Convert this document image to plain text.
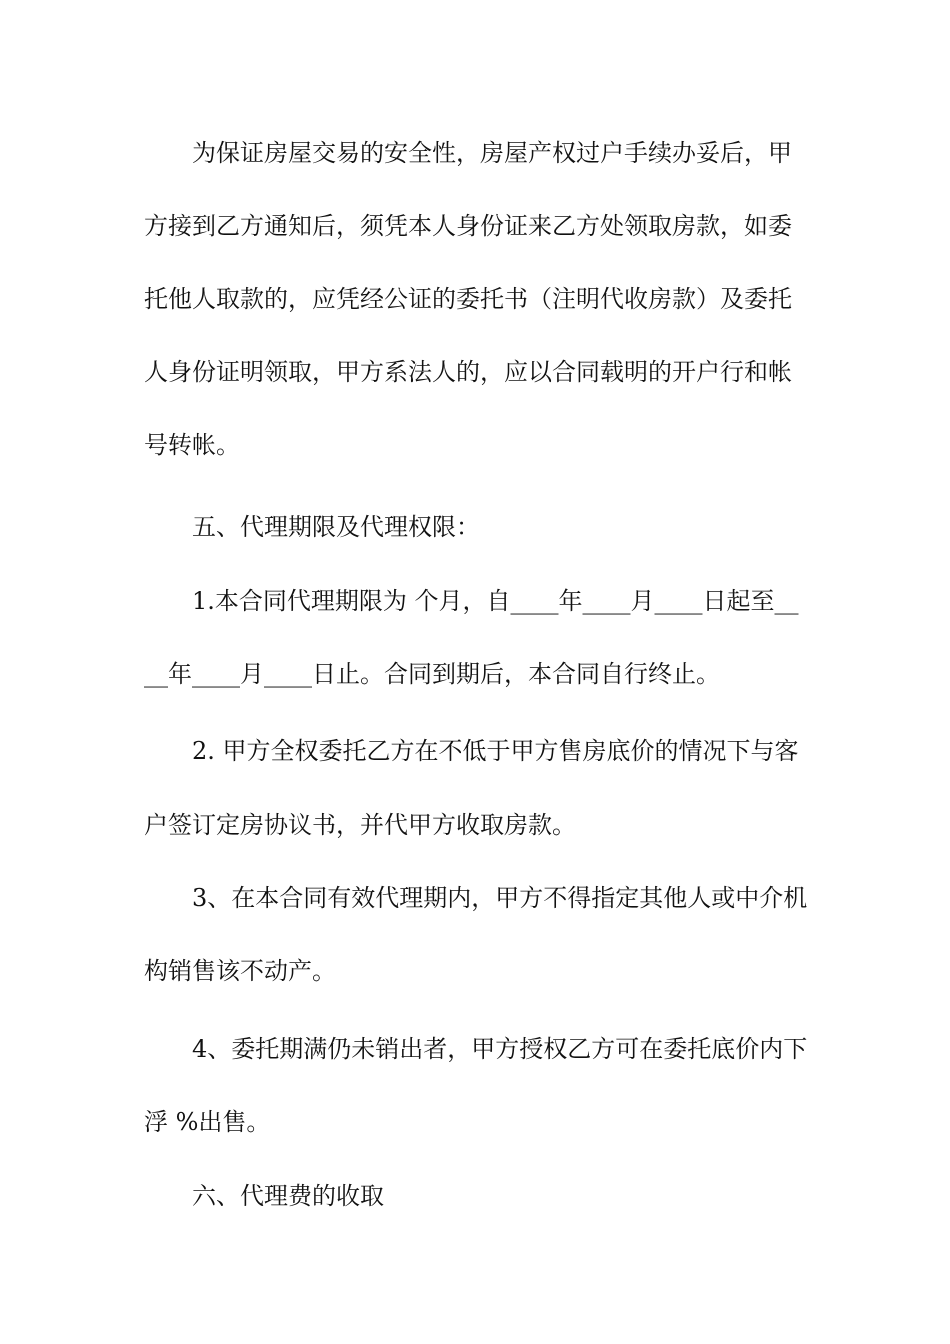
为保证房屋交易的安全性，房屋产权过户手续办妥后，甲
方接到乙方通知后，须凭本人身份证来乙方处领取房款，如委
托他人取款的，应凭经公证的委托书（注明代收房款）及委托
人身份证明领取，甲方系法人的，应以合同载明的开户行和帐
号转帐。
五、代理期限及代理权限：
1.本合同代理期限为 个月，自____年____月____日起至__
__年____月____日止。合同到期后，本合同自行终止。
2. 甲方全权委托乙方在不低于甲方售房底价的情况下与客
户签订定房协议书，并代甲方收取房款。
3、在本合同有效代理期内，甲方不得指定其他人或中介机
构销售该不动产。
4、委托期满仍未销出者，甲方授权乙方可在委托底价内下
浮 %出售。
六、代理费的收取
